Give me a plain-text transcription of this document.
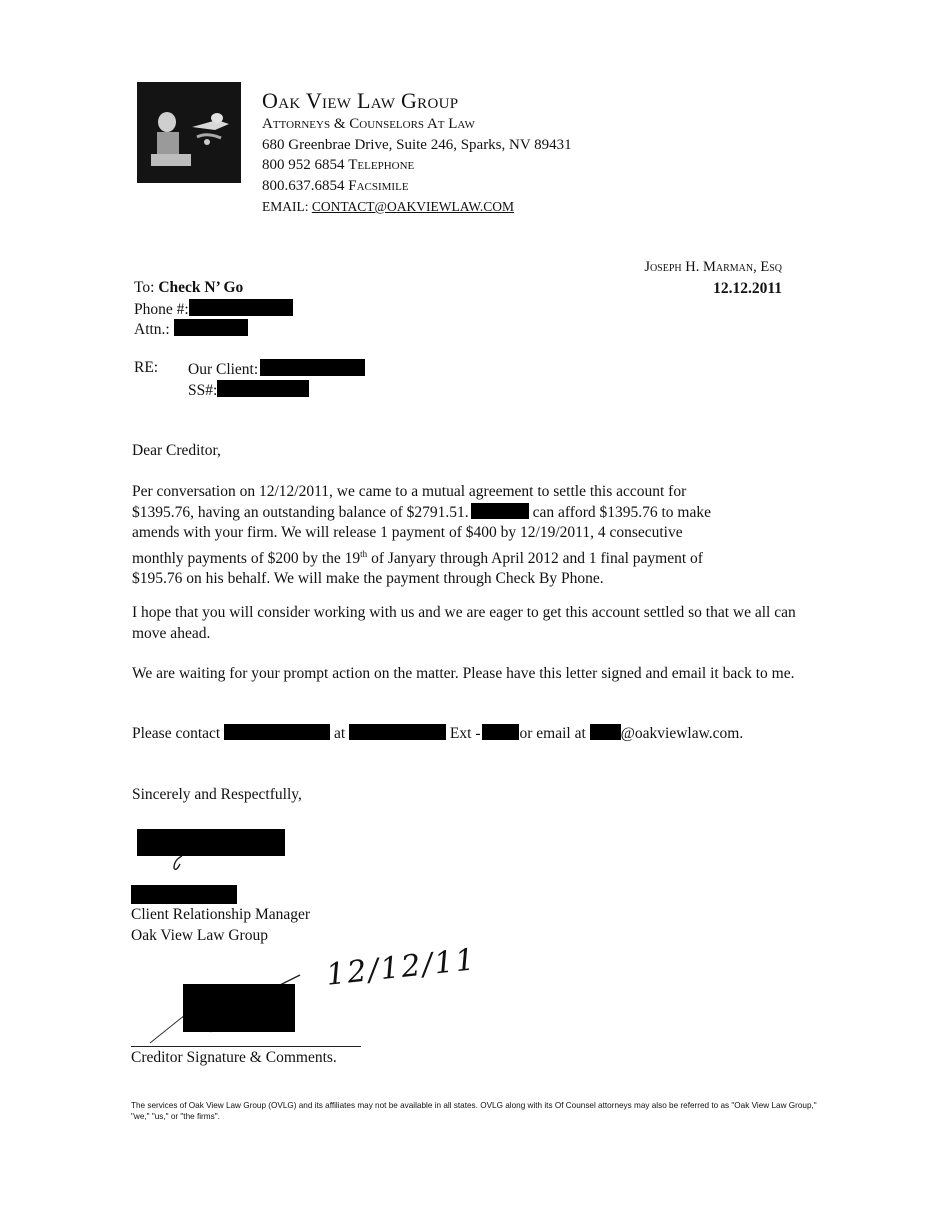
Oak View Law Group
Attorneys & Counselors At Law
680 Greenbrae Drive, Suite 246, Sparks, NV 89431
800 952 6854 Telephone
800.637.6854 Facsimile
EMAIL: CONTACT@OAKVIEWLAW.COM
Joseph H. Marman, Esq
12.12.2011
To: Check N’ Go
Phone #:
Attn.:
RE: Our Client:
SS#:
Dear Creditor,
Per conversation on 12/12/2011, we came to a mutual agreement to settle this account for
$1395.76, having an outstanding balance of $2791.51.	can afford $1395.76 to make
amends with your firm. We will release 1 payment of $400 by 12/19/2011, 4 consecutive
monthly payments of $200 by the 19th of Janyary through April 2012 and 1 final payment of
$195.76 on his behalf. We will make the payment through Check By Phone.
I hope that you will consider working with us and we are eager to get this account settled so that we all can move ahead.
We are waiting for your prompt action on the matter. Please have this letter signed and email it back to me.
Please contact	at	Ext -	or email at @oakviewlaw.com.
Sincerely and Respectfully,
Client Relationship Manager
Oak View Law Group
12/12/11
Creditor Signature & Comments.
The services of Oak View Law Group (OVLG) and its affiliates may not be available in all states. OVLG along with its Of Counsel attorneys may also be referred to as "Oak View Law Group," "we," "us," or "the firms".
